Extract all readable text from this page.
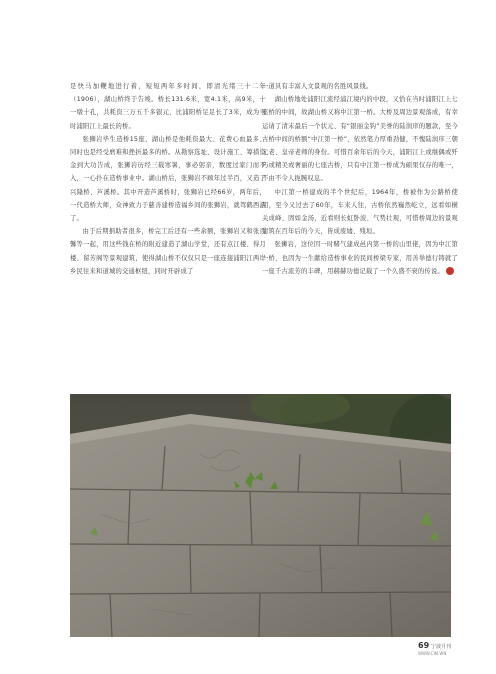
是快马加鞭地进行着，短短两年多时间，即清光绪三十二年（1906），湖山桥终于告竣。桥长131.6米，宽4.1米，高9米，十一墩十孔，共耗资三万五千多银元，比浦阳桥足足长了3米，成为当时浦阳江上最长的桥。

张狮岩毕生造桥15座，湖山桥是他耗资最大、花费心血最多、同时也是经受磨难和挫折最多的桥。从勘察选址、设计施工、筹措资金到大功告成，张狮岩历经三载寒暑，事必躬亲，数度过家门而不入，一心扑在造桥事业中。湖山桥后，张狮岩不顾年过半百，又造了兴隆桥、芦溪桥。其中开造芦溪桥时，张狮岩已经66岁，两年后，一代造桥大师，众神致力于慈善建桥造福乡间的张狮岩，就驾鹤西游了。

由于后期捐助者很多，桥完工后还有一些余额，张狮岩又和张百馨等一起，用这些钱在桥的附近建造了湖山学堂，还有点江楼、得月楼、留芳阁等景观建筑，使得湖山桥不仅仅只是一座连接浦阳江两岸乡民往来和道城的交通枢纽，同时开辟成了

一道具有丰富人文景观的名胜风景线。

湖山桥地处浦阳江流经浦江境内的中段，又恰在当时浦阳江上七座桥的中间，故湖山桥又称中江第一桥。大桥及周边景观落成，有幸运请了清末最后一个状元、有“银丽金钩”美誉的陆润庠的题款，至今古桥中间的桥额“中江第一桥”，依然笔力厚重劲健，不愧陆润庠三朝元老、皇帝老师的身份。可惜百余年后的今天，浦阳江上或继偶或歼巧或精美或奢丽的七座古桥，只有中江第一桥成为硕果仅存的唯一，不由不令人扼腕叹息。

中江第一桥建成的半个世纪后，1964年，桥被作为公路桥使用，至今又过去了60年，车来人往，古桥依然巍然屹立，远看如横关成峰、固如金汤，近看则长虹卧波、气势壮观，可惜桥周边的景观建筑在百年后的今天，皆成废墟、残垣。

张狮岩，这位因一时赌气建成邑内第一桥的山里佬，因为中江第一桥，也因为一生献给造桥事业的民间桥梁专家，用善举德行铸就了一座千古流芳的丰碑，用赫赫功德记载了一个久盛不衰的传说。

69 宁波月刊
WWW.CIM.WN
